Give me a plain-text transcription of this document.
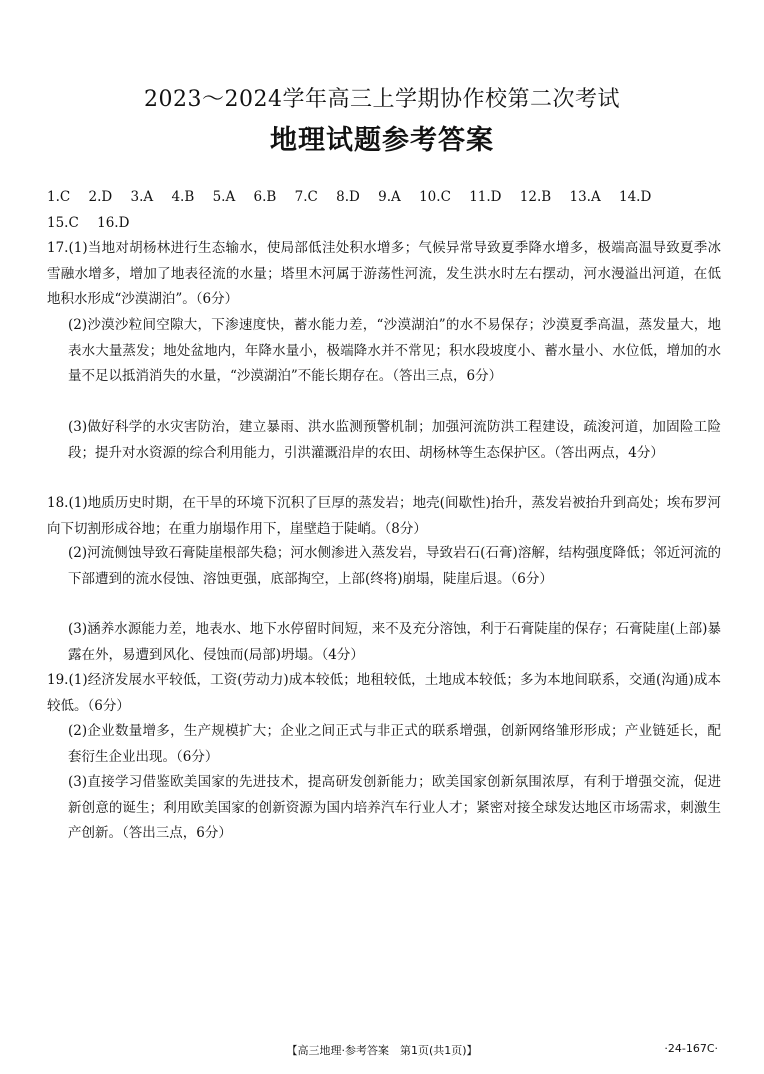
2023～2024学年高三上学期协作校第二次考试
地理试题参考答案
1.C 2.D 3.A 4.B 5.A 6.B 7.C 8.D 9.A 10.C 11.D 12.B 13.A 14.D
15.C 16.D
17.(1)当地对胡杨林进行生态输水，使局部低洼处积水增多；气候异常导致夏季降水增多，极端高温导致夏季冰雪融水增多，增加了地表径流的水量；塔里木河属于游荡性河流，发生洪水时左右摆动，河水漫溢出河道，在低地积水形成“沙漠湖泊”。（6分）
(2)沙漠沙粒间空隙大，下渗速度快，蓄水能力差，“沙漠湖泊”的水不易保存；沙漠夏季高温，蒸发量大，地表水大量蒸发；地处盆地内，年降水量小，极端降水并不常见；积水段坡度小、蓄水量小、水位低，增加的水量不足以抵消消失的水量，“沙漠湖泊”不能长期存在。（答出三点，6分）
(3)做好科学的水灾害防治，建立暴雨、洪水监测预警机制；加强河流防洪工程建设，疏浚河道，加固险工险段；提升对水资源的综合利用能力，引洪灌溉沿岸的农田、胡杨林等生态保护区。（答出两点，4分）
18.(1)地质历史时期，在干旱的环境下沉积了巨厚的蒸发岩；地壳(间歇性)抬升，蒸发岩被抬升到高处；埃布罗河向下切割形成谷地；在重力崩塌作用下，崖壁趋于陡峭。（8分）
(2)河流侧蚀导致石膏陡崖根部失稳；河水侧渗进入蒸发岩，导致岩石(石膏)溶解，结构强度降低；邻近河流的下部遭到的流水侵蚀、溶蚀更强，底部掏空，上部(终将)崩塌，陡崖后退。（6分）
(3)涵养水源能力差，地表水、地下水停留时间短，来不及充分溶蚀，利于石膏陡崖的保存；石膏陡崖(上部)暴露在外，易遭到风化、侵蚀而(局部)坍塌。（4分）
19.(1)经济发展水平较低，工资(劳动力)成本较低；地租较低，土地成本较低；多为本地间联系，交通(沟通)成本较低。（6分）
(2)企业数量增多，生产规模扩大；企业之间正式与非正式的联系增强，创新网络雏形形成；产业链延长，配套衍生企业出现。（6分）
(3)直接学习借鉴欧美国家的先进技术，提高研发创新能力；欧美国家创新氛围浓厚，有利于增强交流，促进新创意的诞生；利用欧美国家的创新资源为国内培养汽车行业人才；紧密对接全球发达地区市场需求，刺激生产创新。（答出三点，6分）
【高三地理·参考答案　第1页(共1页)】	·24-167C·
